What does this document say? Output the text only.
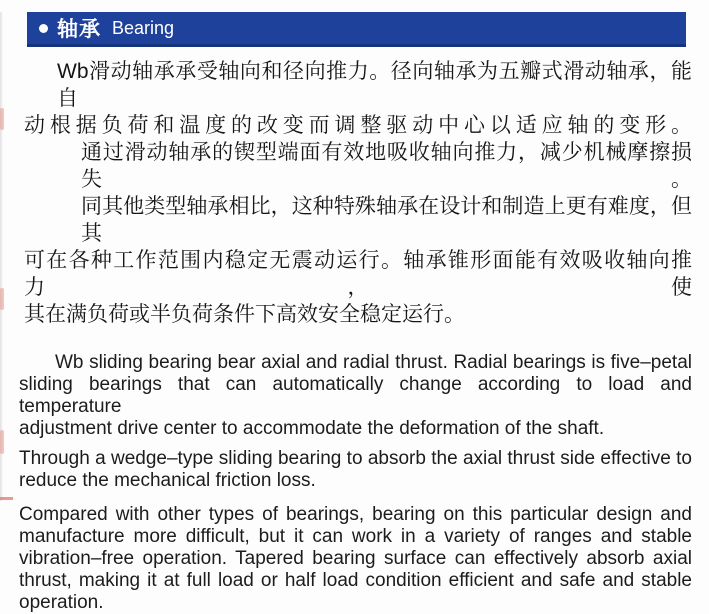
轴承 Bearing
Wb滑动轴承承受轴向和径向推力。径向轴承为五瓣式滑动轴承，能自
动根据负荷和温度的改变而调整驱动中心以适应轴的变形。
通过滑动轴承的锲型端面有效地吸收轴向推力，减少机械摩擦损失。
同其他类型轴承相比，这种特殊轴承在设计和制造上更有难度，但其
可在各种工作范围内稳定无震动运行。轴承锥形面能有效吸收轴向推力，使
其在满负荷或半负荷条件下高效安全稳定运行。
Wb sliding bearing bear axial and radial thrust. Radial bearings is five–petal
sliding bearings that can automatically change according to load and temperature
adjustment drive center to accommodate the deformation of the shaft.
Through a wedge–type sliding bearing to absorb the axial thrust side effective to
reduce the mechanical friction loss.
Compared with other types of bearings, bearing on this particular design and
manufacture more difficult, but it can work in a variety of ranges and stable
vibration–free operation. Tapered bearing surface can effectively absorb axial
thrust, making it at full load or half load condition efficient and safe and stable
operation.
